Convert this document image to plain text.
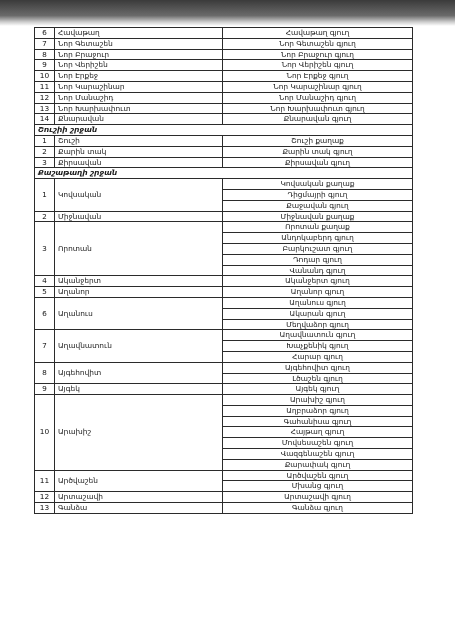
6	Հավաթաղ	Հավաթաղ գյուղ
7	Նոր Գետաշեն	Նոր Գետաշեն գյուղ
8	Նոր Բրաջուր	Նոր Բրաջուր գյուղ
9	Նոր Վերիշեն	Նոր Վերիշեն գյուղ
10	Նոր Էրքեջ	Նոր Էրքեջ գյուղ
11	Նոր Կարաշինար	Նոր Կարաշինար գյուղ
12	Նոր Մանաշիդ	Նոր Մանաշիդ գյուղ
13	Նոր Խարխափուտ	Նոր Խարխափուտ գյուղ
14	Քնարավան	Քնարավան գյուղ
Շուշիի շրջան		
1	Շուշի	Շուշի քաղաք
2	Քարին տակ	Քարին տակ գյուղ
3	Քիրսավան	Քիրսավան գյուղ
Քաշաթաղի շրջան		
1	Կովսական	Կովսական քաղաք
		Դիցմայրի գյուղ
		Քաջավան գյուղ
2	Միջնավան	Միջնավան քաղաք
3	Որոտան	Որոտան քաղաք
		Անդոկաբերդ գյուղ
		Բարկուշատ գյուղ
		Դոդար գյուղ
		Վանանդ գյուղ
4	Ականջերտ	Ականջերտ գյուղ
5	Աղանոր	Աղանոր գյուղ
6	Աղանուս	Աղանուս գյուղ
		Ակարան գյուղ
		Մեղվաձոր գյուղ
7	Աղավնատուն	Աղավնատուն գյուղ
		Խաչքենիկ գյուղ
		Հարար գյուղ
8	Այգեհովիտ	Այգեհովիտ գյուղ
		Լծաշեն գյուղ
9	Այգեկ	Այգեկ գյուղ
10	Արախիշ	Արախիշ գյուղ
		Աղբրաձոր գյուղ
		Գահանիսա գյուղ
		Հայթաղ գյուղ
		Մովսեսաշեն գյուղ
		Վազգենաշեն գյուղ
		Քարափակ գյուղ
11	Արծվաշեն	Արծվաշեն գյուղ
		Մխանց գյուղ
12	Արտաշավի	Արտաշավի գյուղ
13	Գանձա	Գանձա գյուղ
